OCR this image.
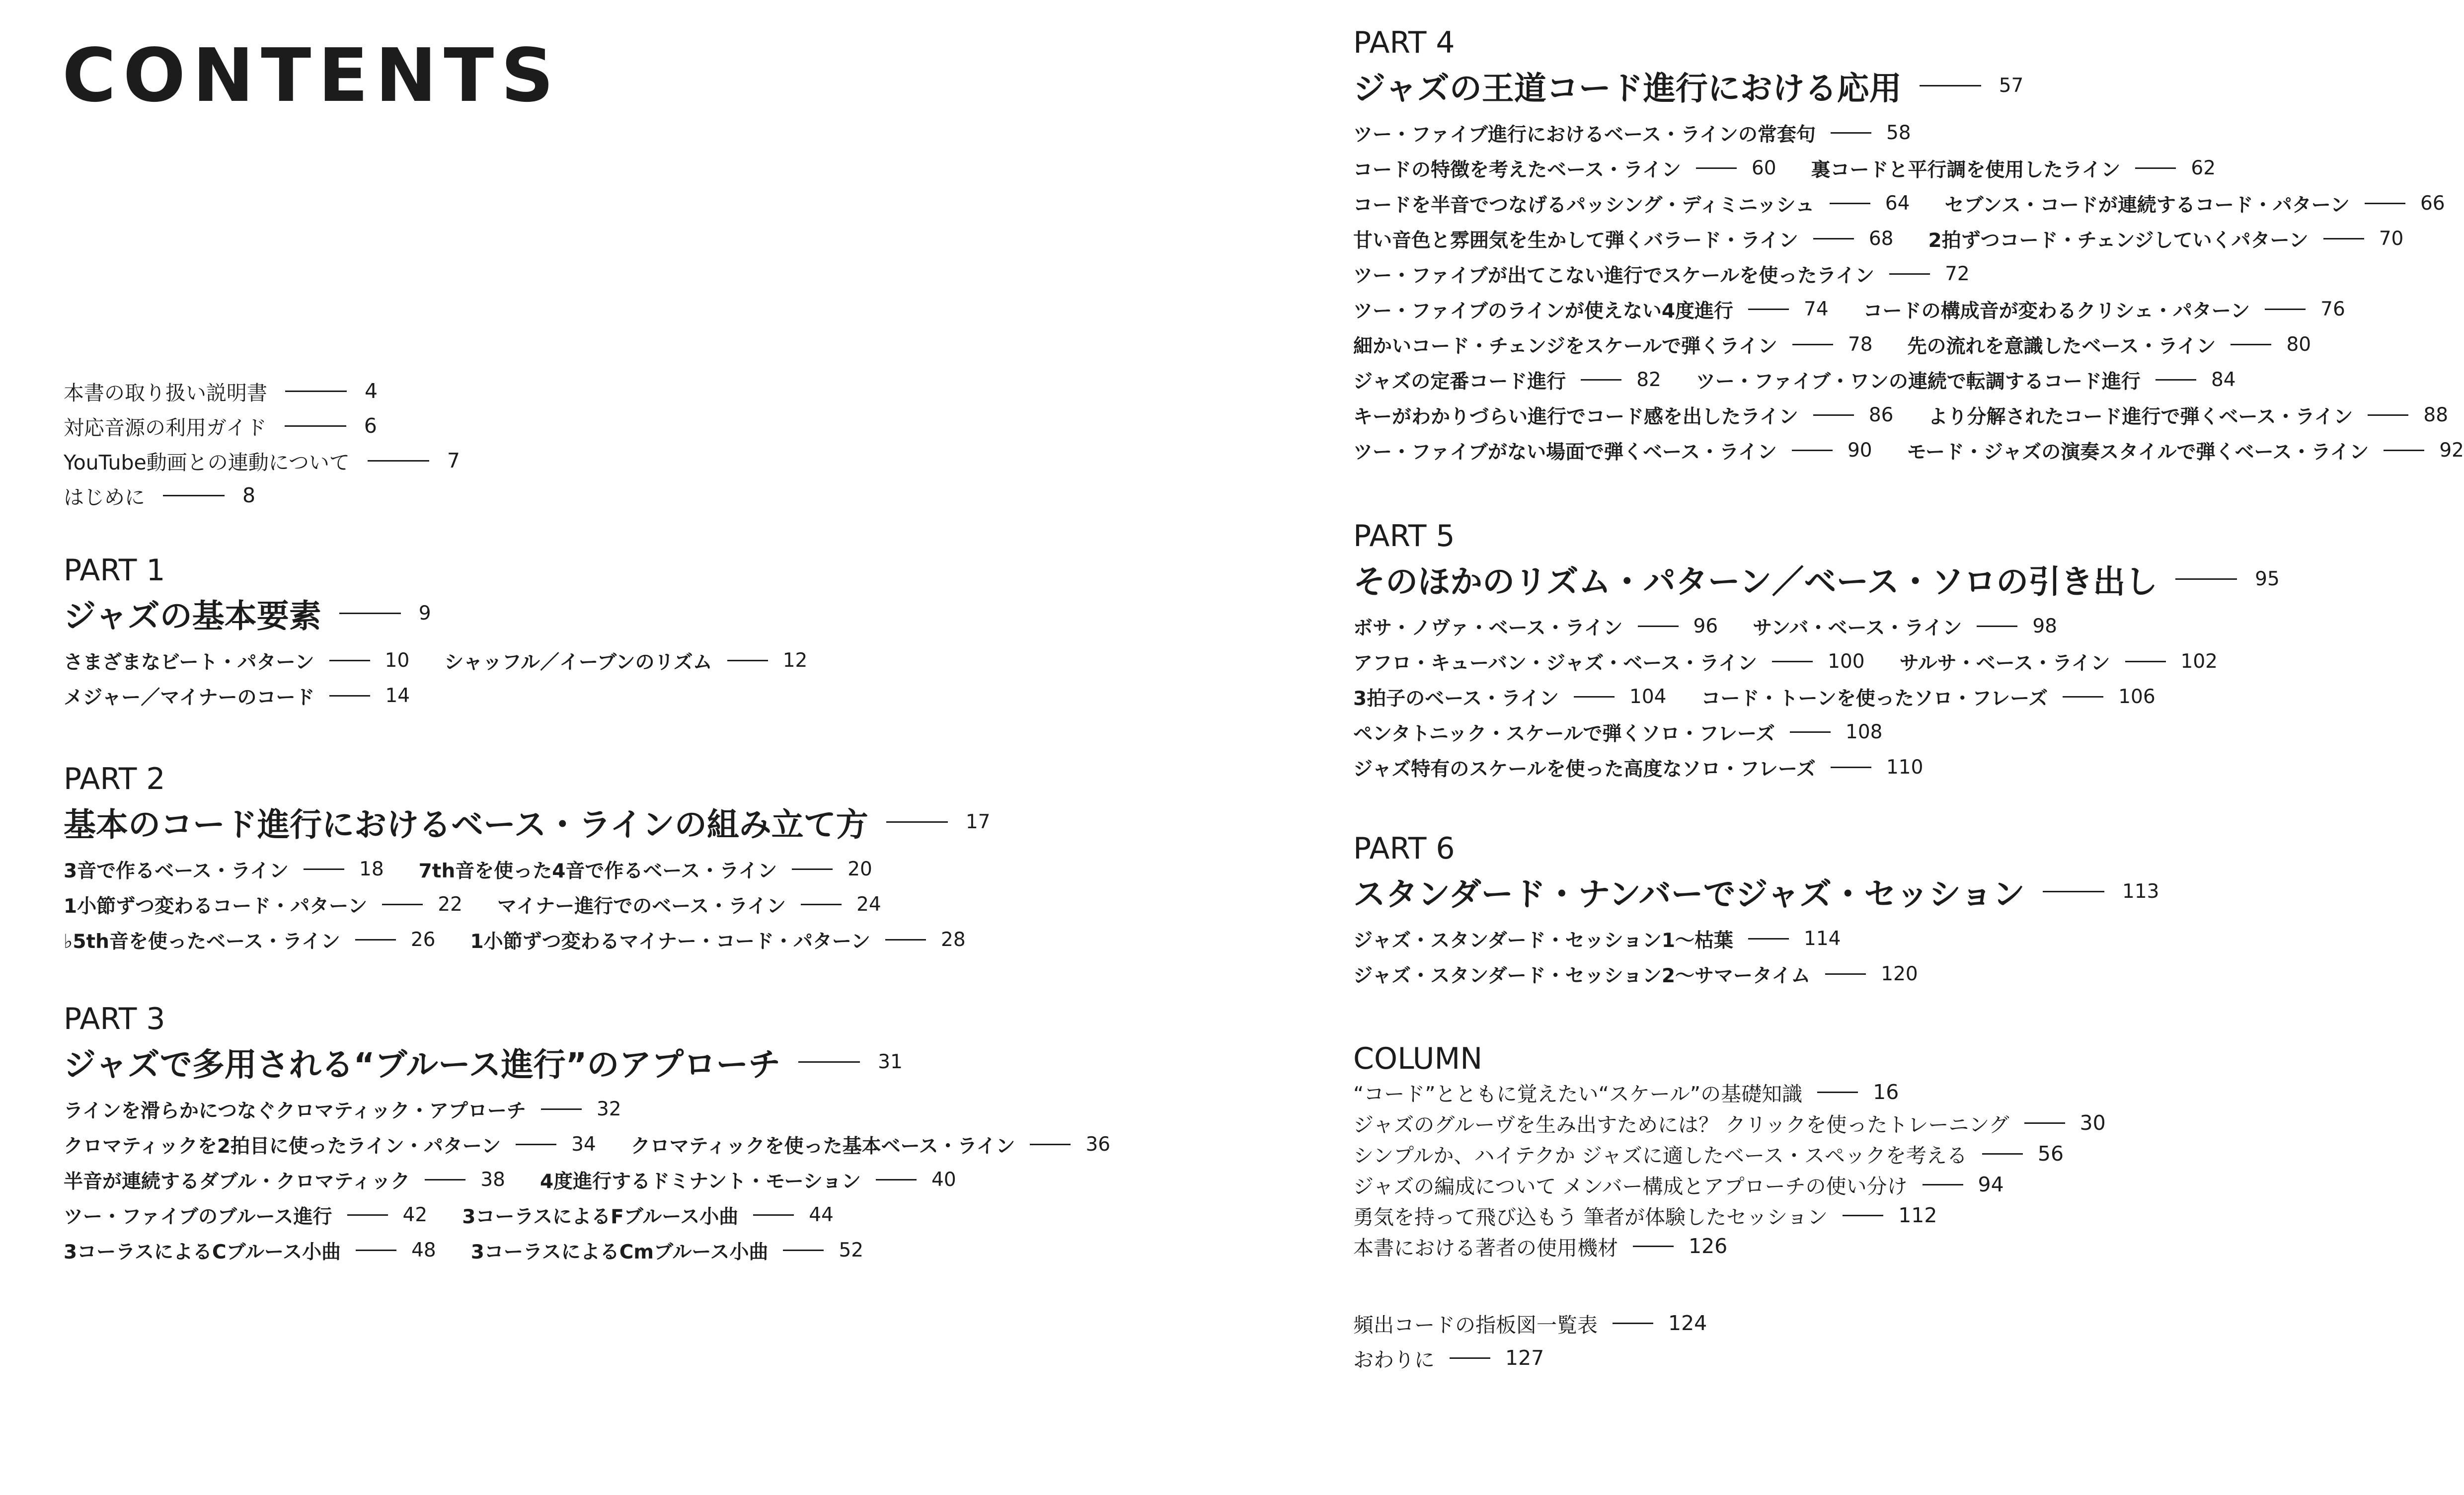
CONTENTS
本書の取り扱い説明書	4
対応音源の利用ガイド	6
YouTube動画との連動について	7
はじめに	8
PART 1
ジャズの基本要素	9
さまざまなビート・パターン	10 シャッフル／イーブンのリズム	12
メジャー／マイナーのコード	14
PART 2
基本のコード進行におけるベース・ラインの組み立て方	17
3音で作るベース・ライン	18 7th音を使った4音で作るベース・ライン	20
1小節ずつ変わるコード・パターン	22 マイナー進行でのベース・ライン	24
♭5th音を使ったベース・ライン	26 1小節ずつ変わるマイナー・コード・パターン	28
PART 3
ジャズで多用される“ブルース進行”のアプローチ	31
ラインを滑らかにつなぐクロマティック・アプローチ	32
クロマティックを2拍目に使ったライン・パターン	34 クロマティックを使った基本ベース・ライン	36
半音が連続するダブル・クロマティック	38 4度進行するドミナント・モーション	40
ツー・ファイブのブルース進行	42 3コーラスによるFブルース小曲	44
3コーラスによるCブルース小曲	48 3コーラスによるCmブルース小曲	52
PART 4
ジャズの王道コード進行における応用	57
ツー・ファイブ進行におけるベース・ラインの常套句	58
コードの特徴を考えたベース・ライン	60 裏コードと平行調を使用したライン	62
コードを半音でつなげるパッシング・ディミニッシュ	64 セブンス・コードが連続するコード・パターン	66
甘い音色と雰囲気を生かして弾くバラード・ライン	68 2拍ずつコード・チェンジしていくパターン	70
ツー・ファイブが出てこない進行でスケールを使ったライン	72
ツー・ファイブのラインが使えない4度進行	74 コードの構成音が変わるクリシェ・パターン	76
細かいコード・チェンジをスケールで弾くライン	78 先の流れを意識したベース・ライン	80
ジャズの定番コード進行	82 ツー・ファイブ・ワンの連続で転調するコード進行	84
キーがわかりづらい進行でコード感を出したライン	86 より分解されたコード進行で弾くベース・ライン	88
ツー・ファイブがない場面で弾くベース・ライン	90 モード・ジャズの演奏スタイルで弾くベース・ライン	92
PART 5
そのほかのリズム・パターン／ベース・ソロの引き出し	95
ボサ・ノヴァ・ベース・ライン	96 サンバ・ベース・ライン	98
アフロ・キューバン・ジャズ・ベース・ライン	100 サルサ・ベース・ライン	102
3拍子のベース・ライン	104 コード・トーンを使ったソロ・フレーズ	106
ペンタトニック・スケールで弾くソロ・フレーズ	108
ジャズ特有のスケールを使った高度なソロ・フレーズ	110
PART 6
スタンダード・ナンバーでジャズ・セッション	113
ジャズ・スタンダード・セッション1〜枯葉	114
ジャズ・スタンダード・セッション2〜サマータイム	120
COLUMN
“コード”とともに覚えたい“スケール”の基礎知識	16
ジャズのグルーヴを生み出すためには？ クリックを使ったトレーニング	30
シンプルか、ハイテクか ジャズに適したベース・スペックを考える	56
ジャズの編成について メンバー構成とアプローチの使い分け	94
勇気を持って飛び込もう 筆者が体験したセッション	112
本書における著者の使用機材	126
頻出コードの指板図一覧表	124
おわりに	127
